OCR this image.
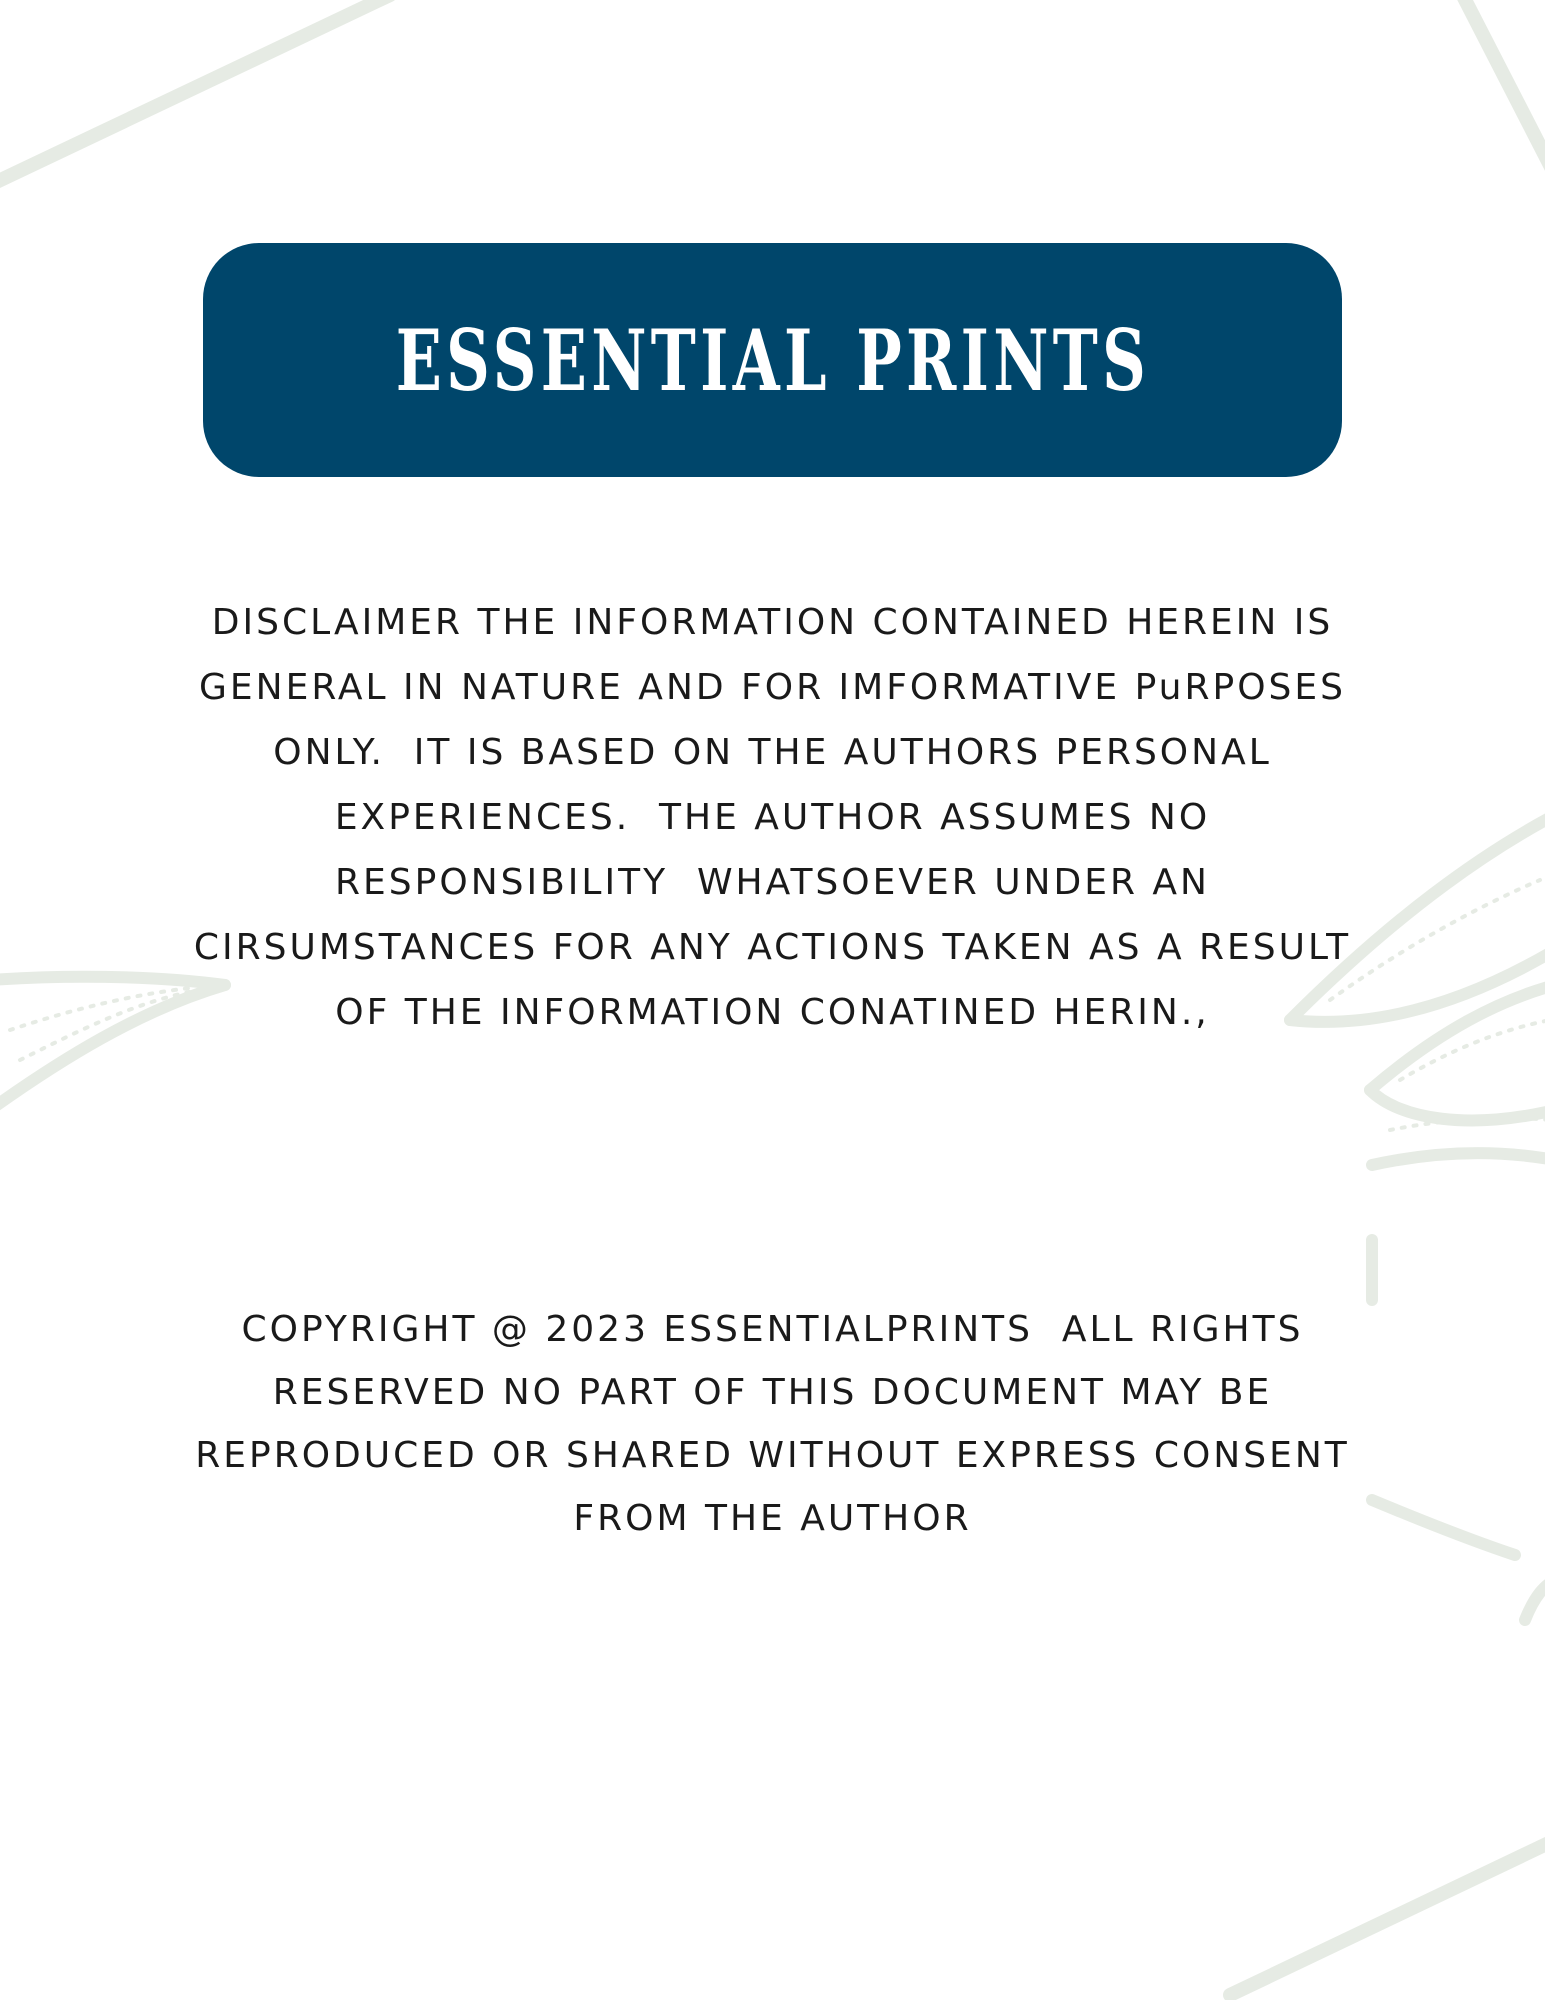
ESSENTIAL PRINTS
DISCLAIMER THE INFORMATION CONTAINED HEREIN IS
GENERAL IN NATURE AND FOR IMFORMATIVE PuRPOSES
ONLY.  IT IS BASED ON THE AUTHORS PERSONAL
EXPERIENCES.  THE AUTHOR ASSUMES NO
RESPONSIBILITY  WHATSOEVER UNDER AN
CIRSUMSTANCES FOR ANY ACTIONS TAKEN AS A RESULT
OF THE INFORMATION CONATINED HERIN.,
COPYRIGHT @ 2023 ESSENTIALPRINTS  ALL RIGHTS
RESERVED NO PART OF THIS DOCUMENT MAY BE
REPRODUCED OR SHARED WITHOUT EXPRESS CONSENT
FROM THE AUTHOR
